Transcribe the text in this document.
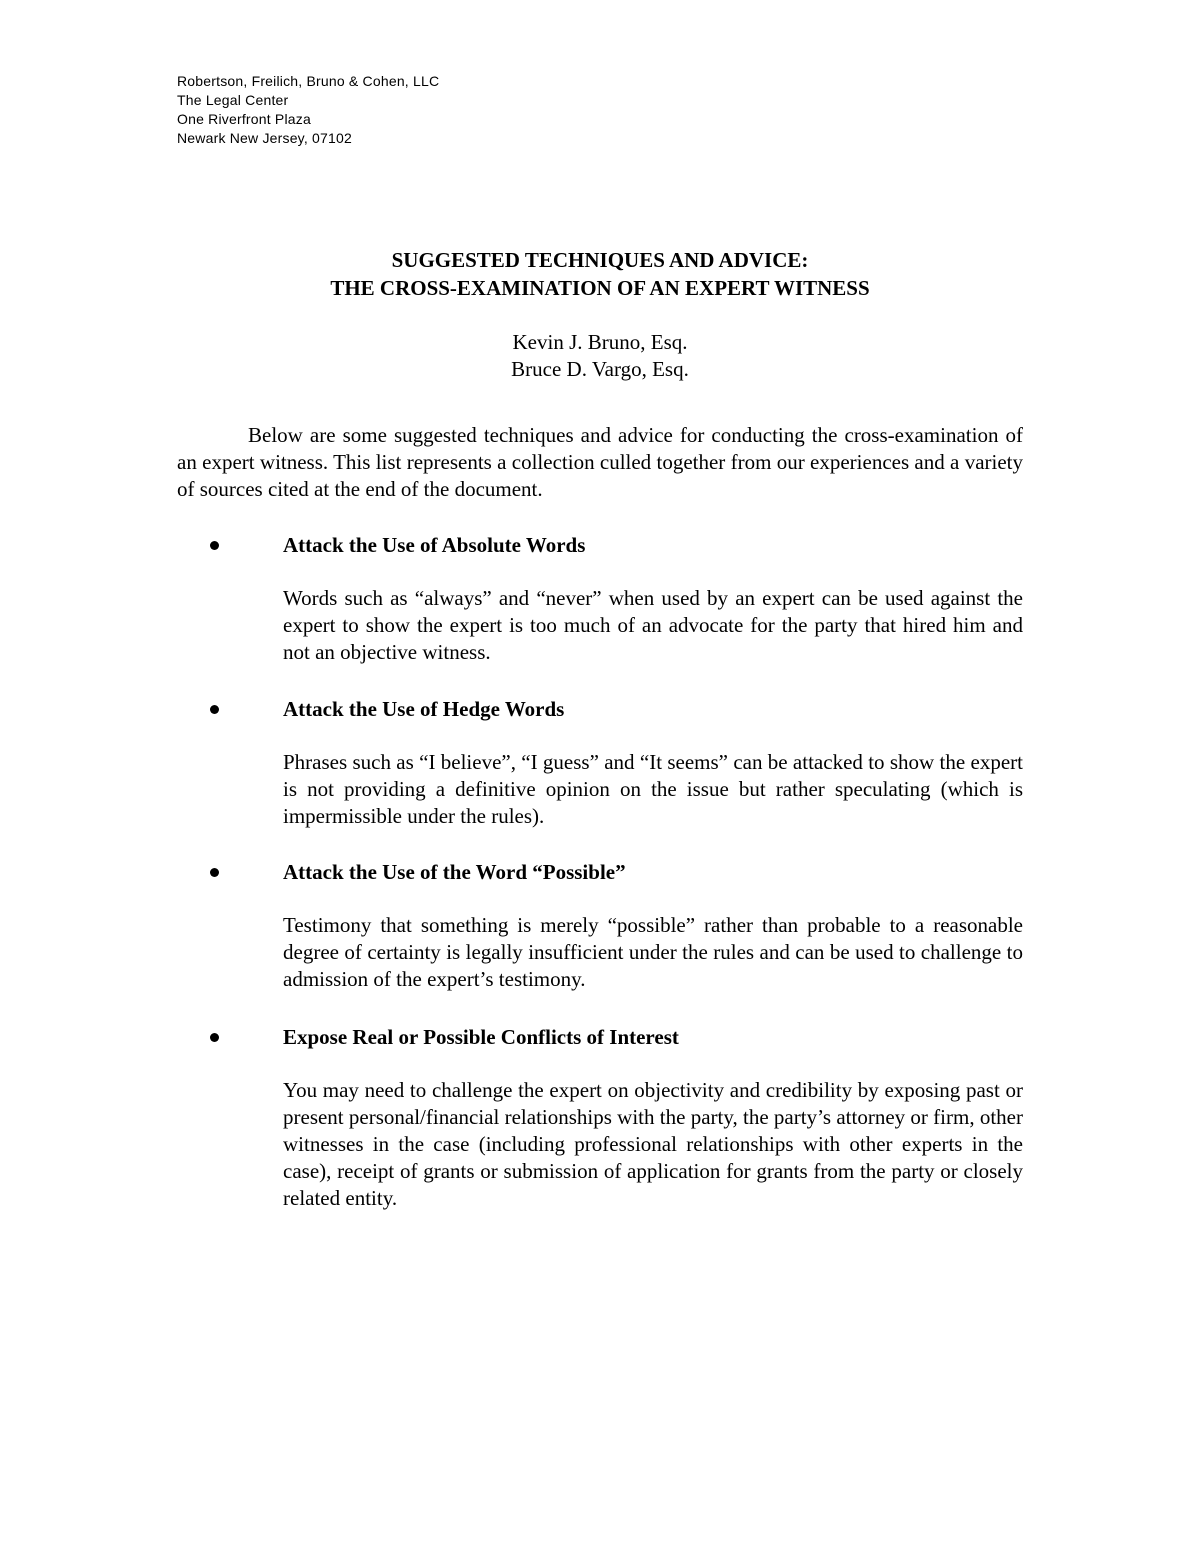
Robertson, Freilich, Bruno & Cohen, LLC
The Legal Center
One Riverfront Plaza
Newark New Jersey, 07102
SUGGESTED TECHNIQUES AND ADVICE:
THE CROSS-EXAMINATION OF AN EXPERT WITNESS
Kevin J. Bruno, Esq.
Bruce D. Vargo, Esq.

Below are some suggested techniques and advice for conducting the cross-examination of an expert witness. This list represents a collection culled together from our experiences and a variety of sources cited at the end of the document.

Attack the Use of Absolute Words

Words such as “always” and “never” when used by an expert can be used against the expert to show the expert is too much of an advocate for the party that hired him and not an objective witness.

Attack the Use of Hedge Words

Phrases such as “I believe”, “I guess” and “It seems” can be attacked to show the expert is not providing a definitive opinion on the issue but rather speculating (which is impermissible under the rules).

Attack the Use of the Word “Possible”

Testimony that something is merely “possible” rather than probable to a reasonable degree of certainty is legally insufficient under the rules and can be used to challenge to admission of the expert’s testimony.

Expose Real or Possible Conflicts of Interest

You may need to challenge the expert on objectivity and credibility by exposing past or present personal/financial relationships with the party, the party’s attorney or firm, other witnesses in the case (including professional relationships with other experts in the case), receipt of grants or submission of application for grants from the party or closely related entity.
